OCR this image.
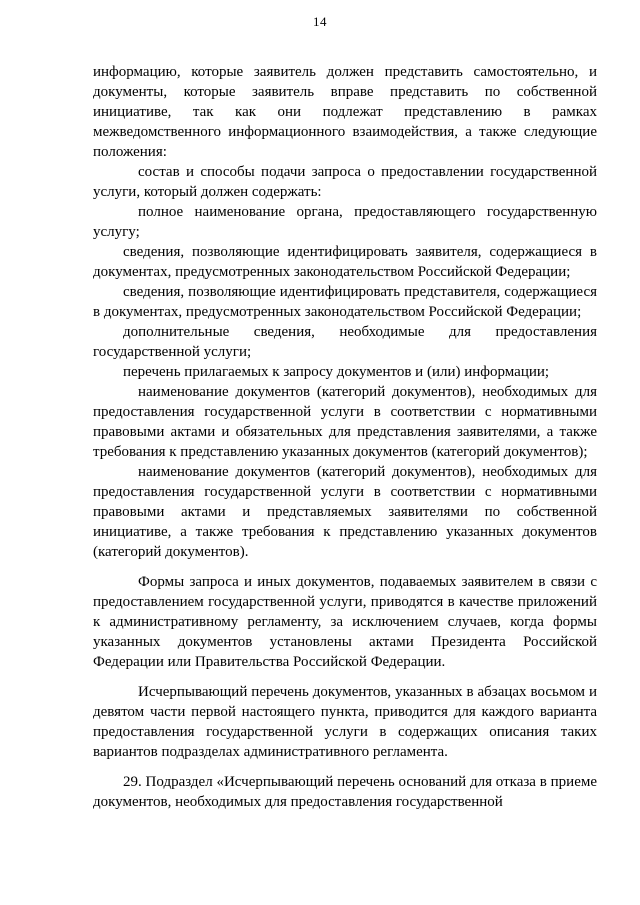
14

информацию, которые заявитель должен представить самостоятельно, и документы, которые заявитель вправе представить по собственной инициативе, так как они подлежат представлению в рамках межведомственного информационного взаимодействия, а также следующие положения:

состав и способы подачи запроса о предоставлении государственной услуги, который должен содержать:

полное наименование органа, предоставляющего государственную услугу;

сведения, позволяющие идентифицировать заявителя, содержащиеся в документах, предусмотренных законодательством Российской Федерации;

сведения, позволяющие идентифицировать представителя, содержащиеся в документах, предусмотренных законодательством Российской Федерации;

дополнительные сведения, необходимые для предоставления государственной услуги;

перечень прилагаемых к запросу документов и (или) информации;

наименование документов (категорий документов), необходимых для предоставления государственной услуги в соответствии с нормативными правовыми актами и обязательных для представления заявителями, а также требования к представлению указанных документов (категорий документов);

наименование документов (категорий документов), необходимых для предоставления государственной услуги в соответствии с нормативными правовыми актами и представляемых заявителями по собственной инициативе, а также требования к представлению указанных документов (категорий документов).

Формы запроса и иных документов, подаваемых заявителем в связи с предоставлением государственной услуги, приводятся в качестве приложений к административному регламенту, за исключением случаев, когда формы указанных документов установлены актами Президента Российской Федерации или Правительства Российской Федерации.

Исчерпывающий перечень документов, указанных в абзацах восьмом и девятом части первой настоящего пункта, приводится для каждого варианта предоставления государственной услуги в содержащих описания таких вариантов подразделах административного регламента.

29. Подраздел «Исчерпывающий перечень оснований для отказа в приеме документов, необходимых для предоставления государственной
